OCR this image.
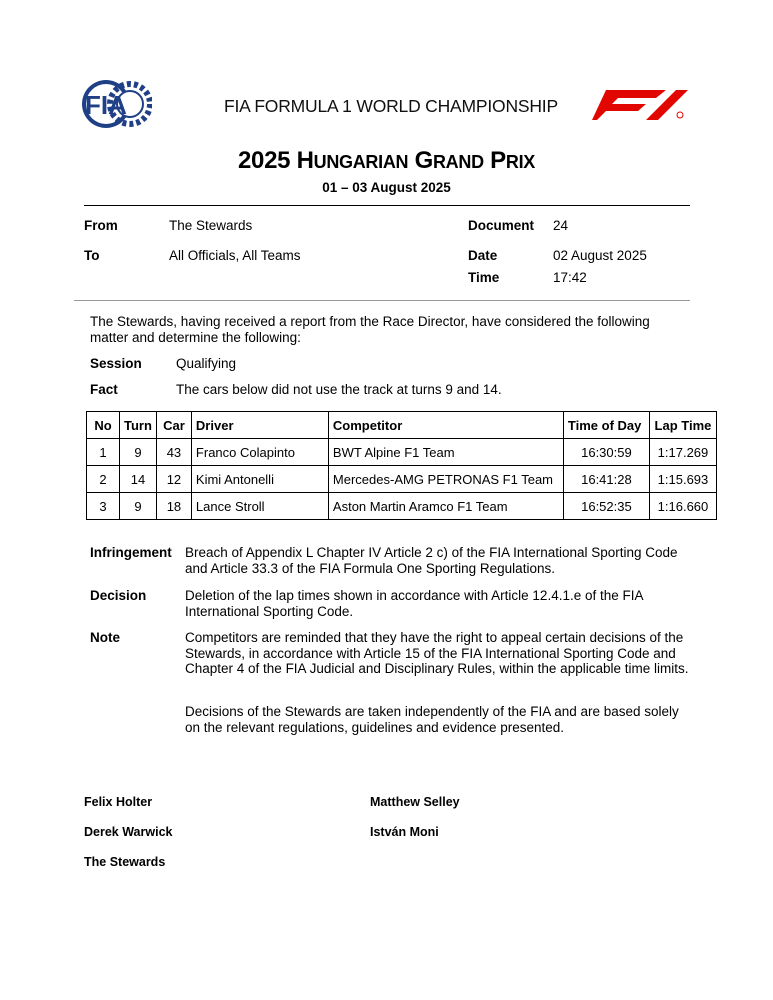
FIA	FIA FORMULA 1 WORLD CHAMPIONSHIP
2025 HUNGARIAN GRAND PRIX
01 – 03 August 2025
From	The Stewards
To	All Officials, All Teams
Document 24
Date	02 August 2025
Time	17:42
The Stewards, having received a report from the Race Director, have considered the following matter and determine the following:
Session	Qualifying
Fact	The cars below did not use the track at turns 9 and 14.
No	Turn	Car	Driver	Competitor	Time of Day	Lap Time
1	9	43	Franco Colapinto	BWT Alpine F1 Team	16:30:59	1:17.269
2	14	12	Kimi Antonelli	Mercedes-AMG PETRONAS F1 Team	16:41:28	1:15.693
3	9	18	Lance Stroll	Aston Martin Aramco F1 Team	16:52:35	1:16.660
Infringement Breach of Appendix L Chapter IV Article 2 c) of the FIA International Sporting Code and Article 33.3 of the FIA Formula One Sporting Regulations.
Decision	Deletion of the lap times shown in accordance with Article 12.4.1.e of the FIA International Sporting Code.
Note	Competitors are reminded that they have the right to appeal certain decisions of the Stewards, in accordance with Article 15 of the FIA International Sporting Code and Chapter 4 of the FIA Judicial and Disciplinary Rules, within the applicable time limits.
Decisions of the Stewards are taken independently of the FIA and are based solely on the relevant regulations, guidelines and evidence presented.
Felix Holter	Matthew Selley
Derek Warwick	István Moni
The Stewards
